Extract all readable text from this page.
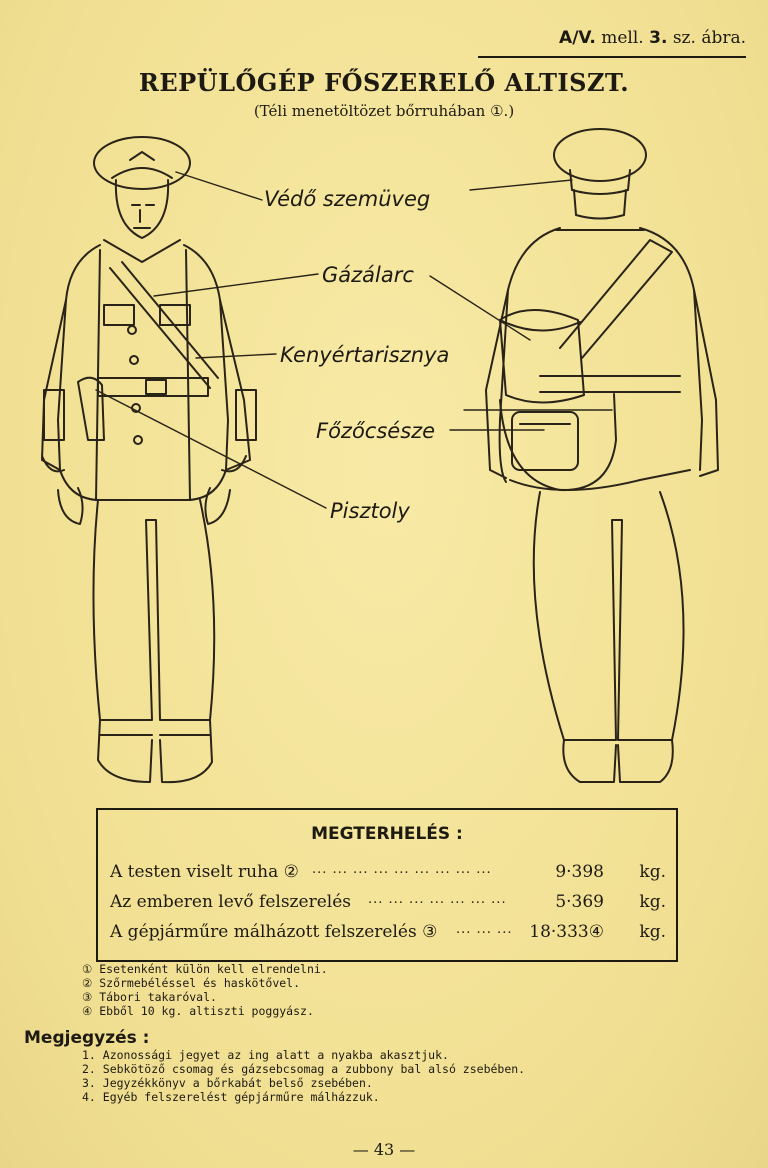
A/V. mell. 3. sz. ábra.
REPÜLŐGÉP FŐSZERELŐ ALTISZT.
(Téli menetöltözet bőrruhában ①.)
Védő szemüveg
Gázálarc
Kenyértarisznya
Főzőcsésze
Pisztoly
MEGTERHELÉS :
A testen viselt ruha ② ... ... ... ... ... ... ... ... ...	9·398 kg.
Az emberen levő felszerelés ... ... ... ... ... ... ...	5·369 kg.
A gépjárműre málházott felszerelés ③ ... ... ... 18·333④ kg.
① Esetenként külön kell elrendelni.
② Szőrmebéléssel és haskötővel.
③ Tábori takaróval.
④ Ebből 10 kg. altiszti poggyász.
Megjegyzés :
1. Azonossági jegyet az ing alatt a nyakba akasztjuk.
2. Sebkötöző csomag és gázsebcsomag a zubbony bal alsó zsebében.
3. Jegyzékkönyv a bőrkabát belső zsebében.
4. Egyéb felszerelést gépjárműre málházzuk.
— 43 —
